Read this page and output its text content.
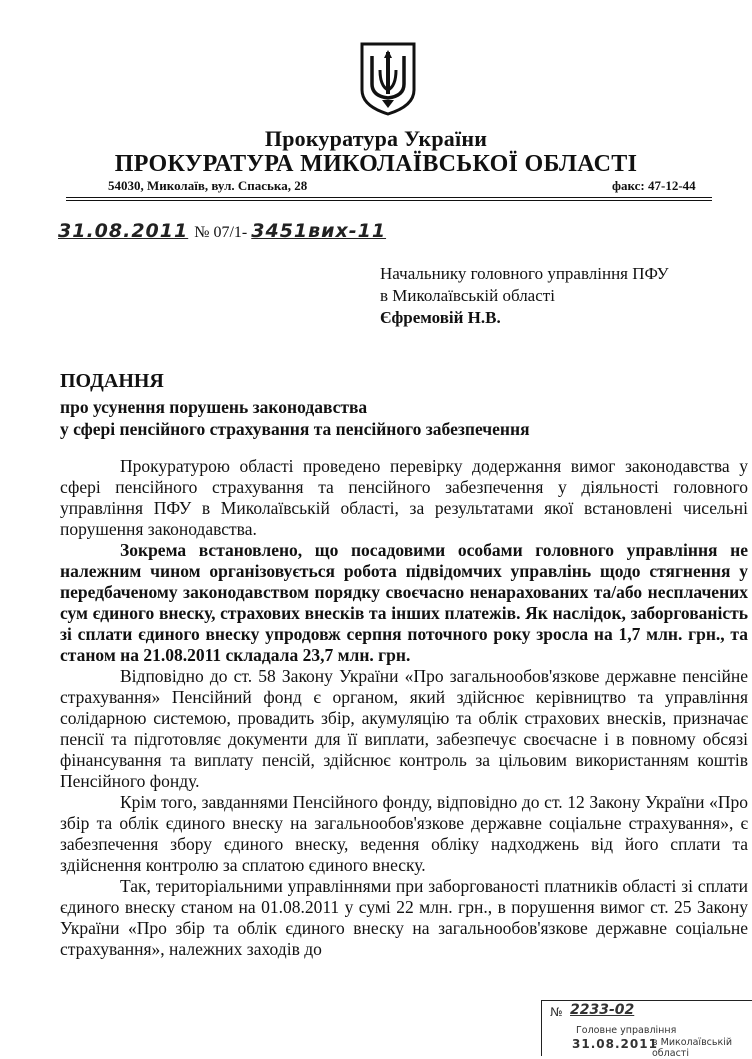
Прокуратура України
ПРОКУРАТУРА МИКОЛАЇВСЬКОЇ ОБЛАСТІ
54030, Миколаїв, вул. Спаська, 28	факс: 47-12-44
31.08.2011 № 07/1- 3451вих-11
Начальнику головного управління ПФУ
в Миколаївській області
Єфремовій Н.В.
ПОДАННЯ
про усунення порушень законодавства
у сфері пенсійного страхування та пенсійного забезпечення

Прокуратурою області проведено перевірку додержання вимог законодавства у сфері пенсійного страхування та пенсійного забезпечення у діяльності головного управління ПФУ в Миколаївській області, за результатами якої встановлені чисельні порушення законодавства.

Зокрема встановлено, що посадовими особами головного управління не належним чином організовується робота підвідомчих управлінь щодо стягнення у передбаченому законодавством порядку своєчасно ненарахованих та/або несплачених сум єдиного внеску, страхових внесків та інших платежів. Як наслідок, заборгованість зі сплати єдиного внеску упродовж серпня поточного року зросла на 1,7 млн. грн., та станом на 21.08.2011 складала 23,7 млн. грн.

Відповідно до ст. 58 Закону України «Про загальнообов'язкове державне пенсійне страхування» Пенсійний фонд є органом, який здійснює керівництво та управління солідарною системою, провадить збір, акумуляцію та облік страхових внесків, призначає пенсії та підготовляє документи для її виплати, забезпечує своєчасне і в повному обсязі фінансування та виплату пенсій, здійснює контроль за цільовим використанням коштів Пенсійного фонду.

Крім того, завданнями Пенсійного фонду, відповідно до ст. 12 Закону України «Про збір та облік єдиного внеску на загальнообов'язкове державне соціальне страхування», є забезпечення збору єдиного внеску, ведення обліку надходжень від його сплати та здійснення контролю за сплатою єдиного внеску.

Так, територіальними управліннями при заборгованості платників області зі сплати єдиного внеску станом на 01.08.2011 у сумі 22 млн. грн., в порушення вимог ст. 25 Закону України «Про збір та облік єдиного внеску на загальнообов'язкове державне соціальне страхування», належних заходів до

№ 2233-02
Головне управління
31.08.2011
в Миколаївській області
